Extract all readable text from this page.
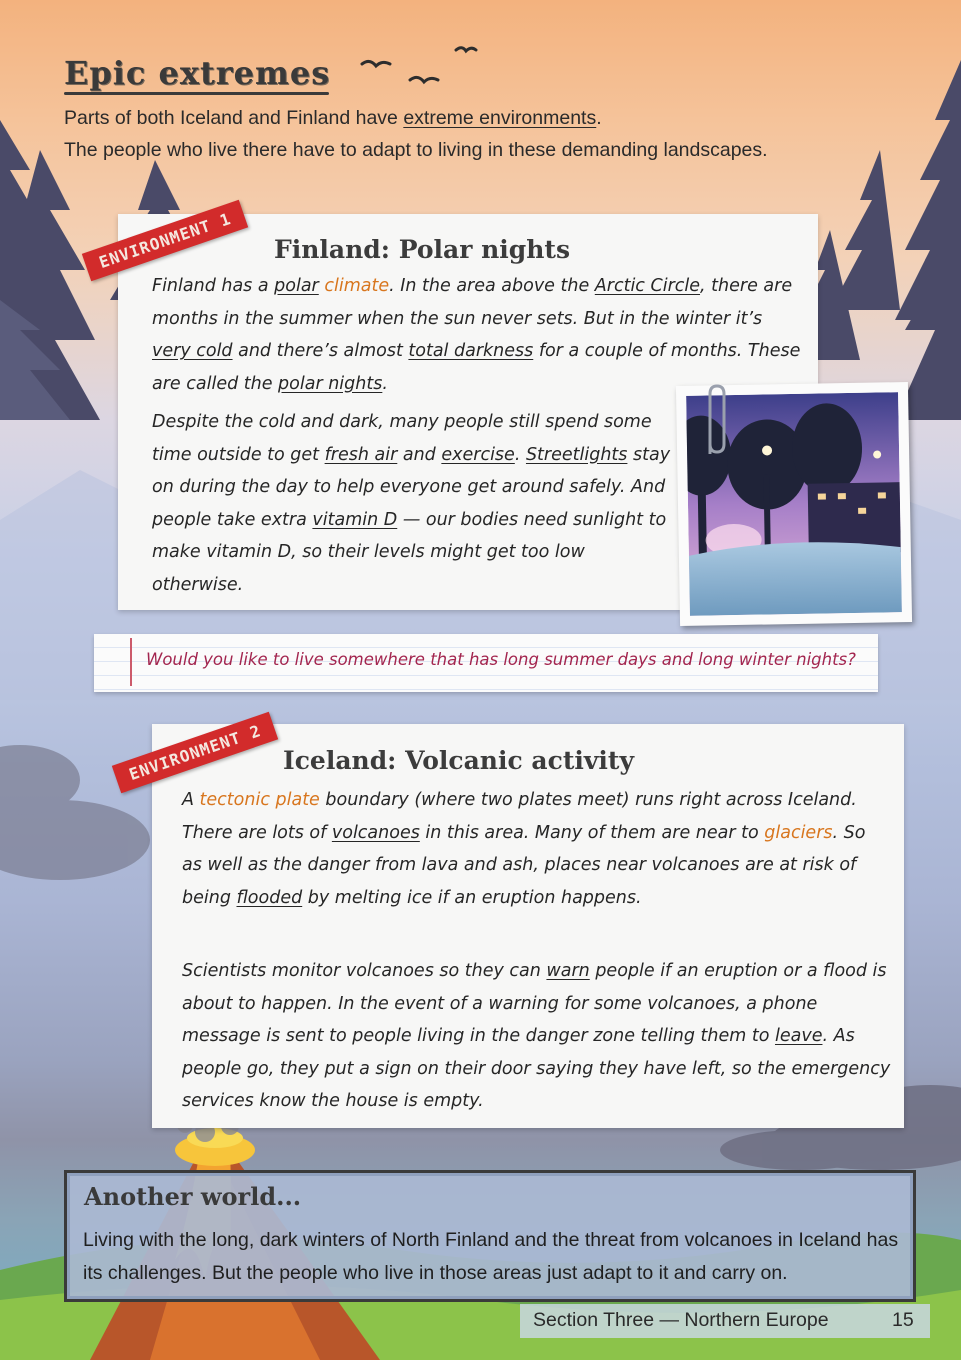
Epic extremes
Parts of both Iceland and Finland have extreme environments.
The people who live there have to adapt to living in these demanding landscapes.
ENVIRONMENT 1	Finland: Polar nights
Finland has a polar climate. In the area above the Arctic Circle, there are months in the summer when the sun never sets. But in the winter it’s very cold and there’s almost total darkness for a couple of months. These are called the polar nights.
Despite the cold and dark, many people still spend some time outside to get fresh air and exercise. Streetlights stay on during the day to help everyone get around safely. And people take extra vitamin D — our bodies need sunlight to make vitamin D, so their levels might get too low otherwise.
Would you like to live somewhere that has long summer days and long winter nights?
ENVIRONMENT 2 Iceland: Volcanic activity
A tectonic plate boundary (where two plates meet) runs right across Iceland. There are lots of volcanoes in this area. Many of them are near to glaciers. So as well as the danger from lava and ash, places near volcanoes are at risk of being flooded by melting ice if an eruption happens.
Scientists monitor volcanoes so they can warn people if an eruption or a flood is about to happen. In the event of a warning for some volcanoes, a phone message is sent to people living in the danger zone telling them to leave. As people go, they put a sign on their door saying they have left, so the emergency services know the house is empty.
Another world...
Living with the long, dark winters of North Finland and the threat from volcanoes in Iceland has its challenges. But the people who live in those areas just adapt to it and carry on.
Section Three — Northern Europe	15
